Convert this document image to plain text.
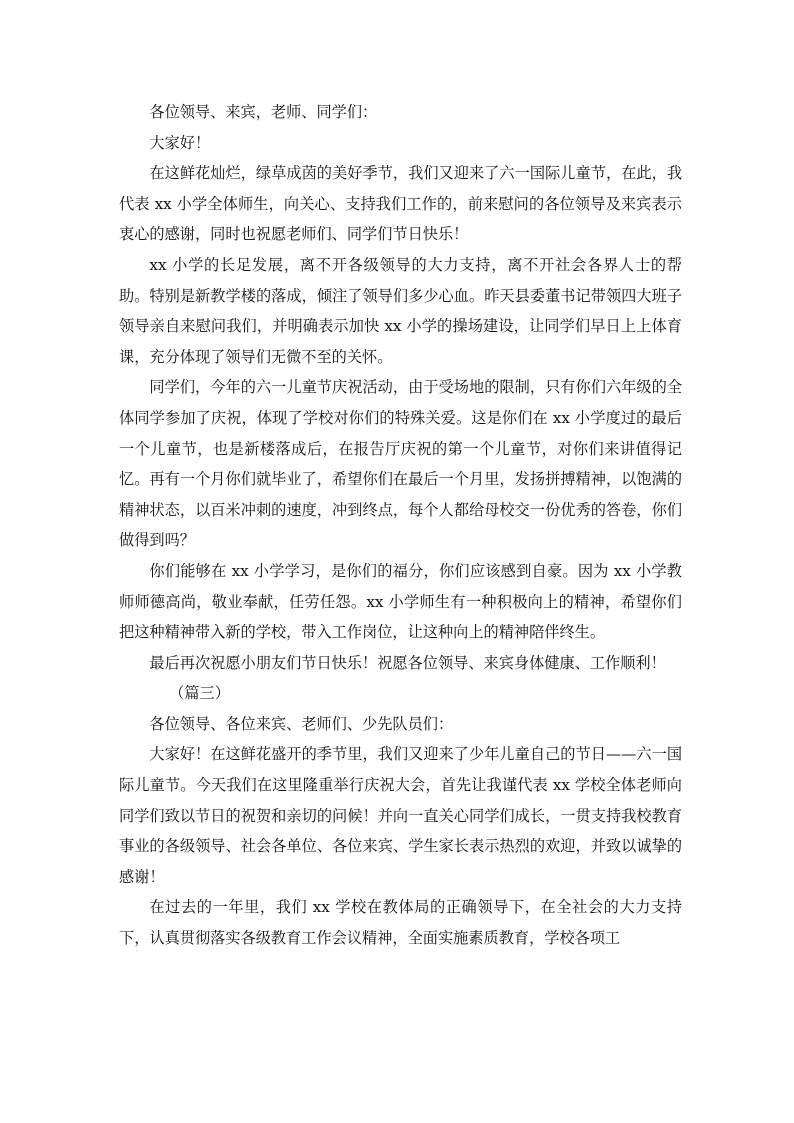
各位领导、来宾，老师、同学们：

大家好！

在这鲜花灿烂，绿草成茵的美好季节，我们又迎来了六一国际儿童节，在此，我代表 xx 小学全体师生，向关心、支持我们工作的，前来慰问的各位领导及来宾表示衷心的感谢，同时也祝愿老师们、同学们节日快乐！

xx 小学的长足发展，离不开各级领导的大力支持，离不开社会各界人士的帮助。特别是新教学楼的落成，倾注了领导们多少心血。昨天县委董书记带领四大班子领导亲自来慰问我们，并明确表示加快 xx 小学的操场建设，让同学们早日上上体育课，充分体现了领导们无微不至的关怀。

同学们，今年的六一儿童节庆祝活动，由于受场地的限制，只有你们六年级的全体同学参加了庆祝，体现了学校对你们的特殊关爱。这是你们在 xx 小学度过的最后一个儿童节，也是新楼落成后，在报告厅庆祝的第一个儿童节，对你们来讲值得记忆。再有一个月你们就毕业了，希望你们在最后一个月里，发扬拼搏精神，以饱满的精神状态，以百米冲刺的速度，冲到终点，每个人都给母校交一份优秀的答卷，你们做得到吗？

你们能够在 xx 小学学习，是你们的福分，你们应该感到自豪。因为 xx 小学教师师德高尚，敬业奉献，任劳任怨。xx 小学师生有一种积极向上的精神，希望你们把这种精神带入新的学校，带入工作岗位，让这种向上的精神陪伴终生。

最后再次祝愿小朋友们节日快乐！祝愿各位领导、来宾身体健康、工作顺利！

（篇三）

各位领导、各位来宾、老师们、少先队员们：

大家好！在这鲜花盛开的季节里，我们又迎来了少年儿童自己的节日——六一国际儿童节。今天我们在这里隆重举行庆祝大会，首先让我谨代表 xx 学校全体老师向同学们致以节日的祝贺和亲切的问候！并向一直关心同学们成长，一贯支持我校教育事业的各级领导、社会各单位、各位来宾、学生家长表示热烈的欢迎，并致以诚挚的感谢！

在过去的一年里，我们 xx 学校在教体局的正确领导下，在全社会的大力支持下，认真贯彻落实各级教育工作会议精神，全面实施素质教育，学校各项工
